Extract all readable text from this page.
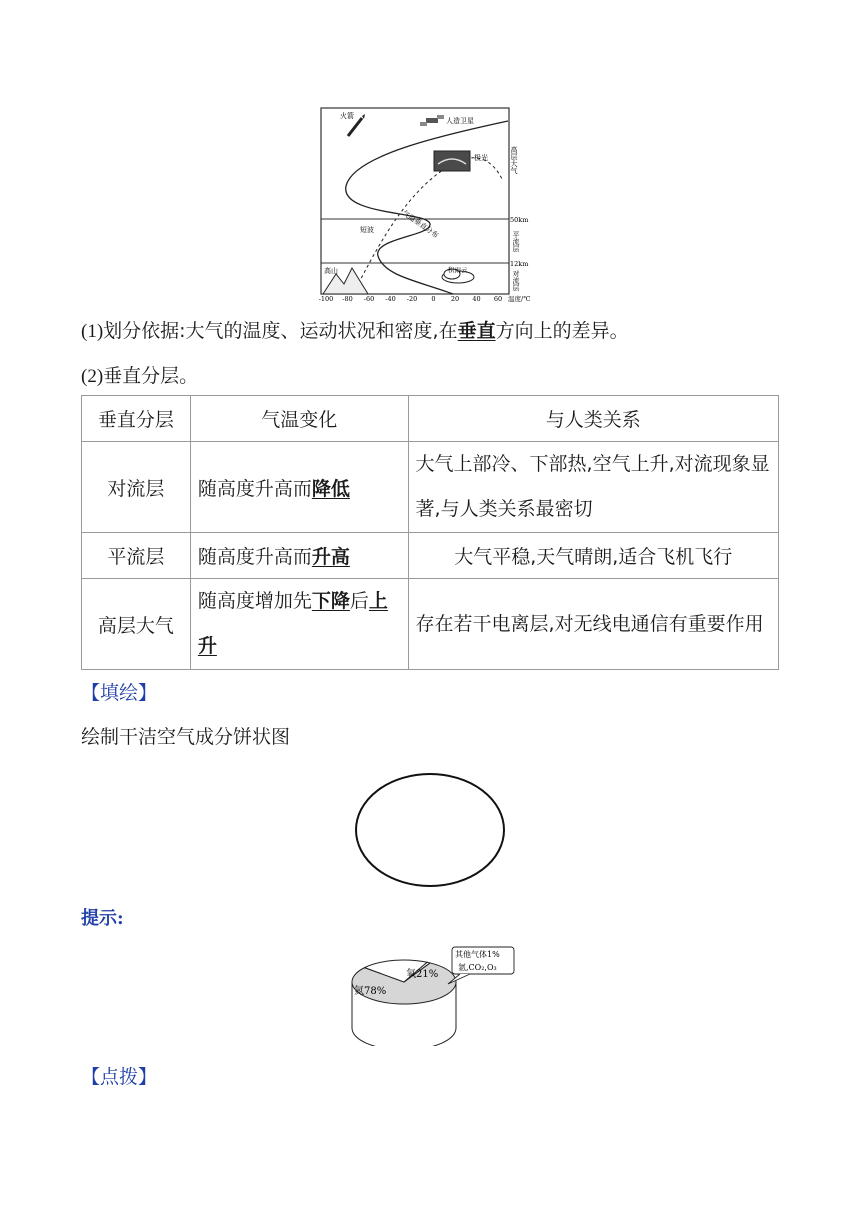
火箭
人造卫星
极光
气温垂直分布
短波
高山	积雨云
高层大气
50km
平流层
12km
对流层
-100 -80 -60 -40 -20 0 20 40 60 温度/℃
(1)划分依据:大气的温度、运动状况和密度,在垂直方向上的差异。
(2)垂直分层。
垂直分层	气温变化	与人类关系
对流层	随高度升高而降低	大气上部冷、下部热,空气上升,对流现象显著,与人类关系最密切
平流层	随高度升高而升高	大气平稳,天气晴朗,适合飞机飞行
高层大气	随高度增加先下降后上升	存在若干电离层,对无线电通信有重要作用
【填绘】
绘制干洁空气成分饼状图
提示:
氮78%
氧21%
其他气体1%
氩,CO₂,O₃
【点拨】
